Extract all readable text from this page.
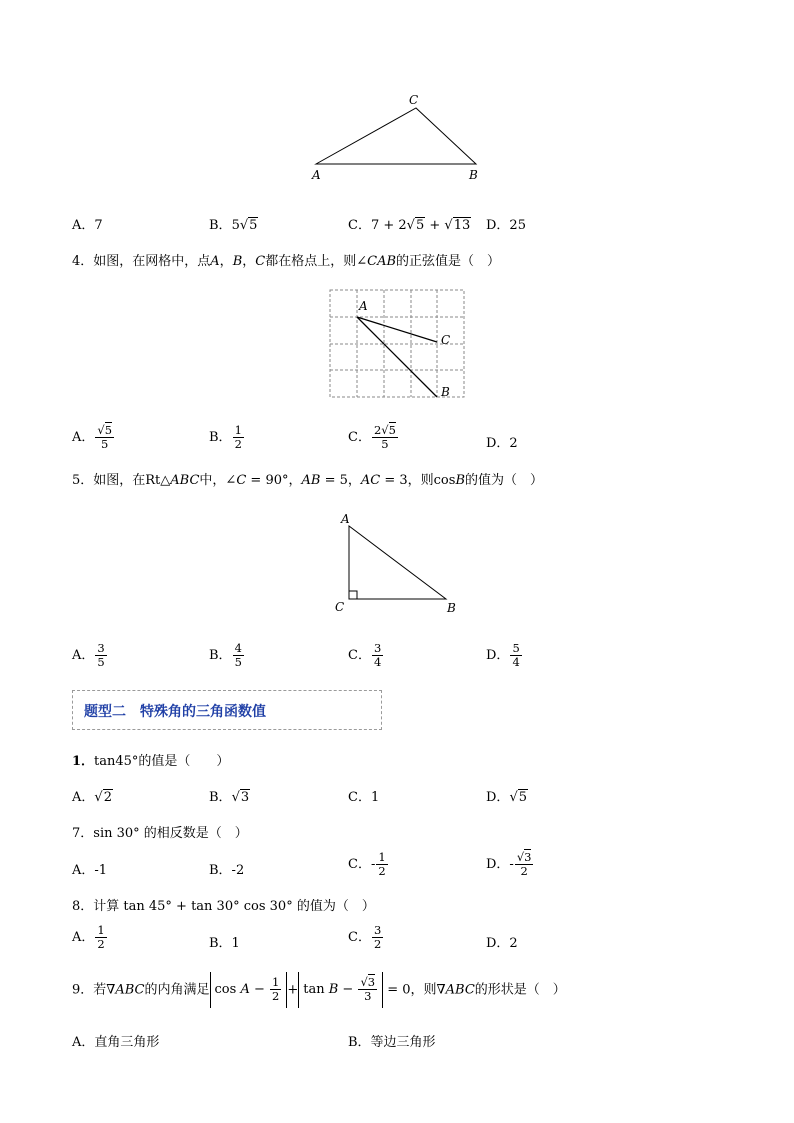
C
A	B
A．7	B．5√5	C．7 + 2√5 + √13 D．25
4．如图，在网格中，点A，B，C都在格点上，则∠CAB的正弦值是（　）
A
C
B
A． $\frac{√5}{5}$	B． $\frac{1}{2}$	C． $\frac{2√5}{5}$	D．2
5．如图，在Rt△ABC中，∠C = 90°，AB = 5，AC = 3，则cosB的值为（　）
A
C	B
A． $\frac{3}{5}$	B． $\frac{4}{5}$	C． $\frac{3}{4}$	D． $\frac{5}{4}$
题型二　特殊角的三角函数值
1．tan45°的值是（　　）
A．√2	B．√3	C．1	D．√5
7．sin 30° 的相反数是（　）
A．-1	B．-2	C．- $\frac{1}{2}$	D．- $\frac{√3}{2}$
8．计算 tan 45° + tan 30° cos 30° 的值为（　）
A． $\frac{1}{2}$	B．1	C． $\frac{3}{2}$	D．2
9．若∇ABC的内角满足 $\cos A - \frac{1}{2} + \tan B - \frac{√3}{3} = 0$，则∇ABC的形状是（　）
A．直角三角形	B．等边三角形
